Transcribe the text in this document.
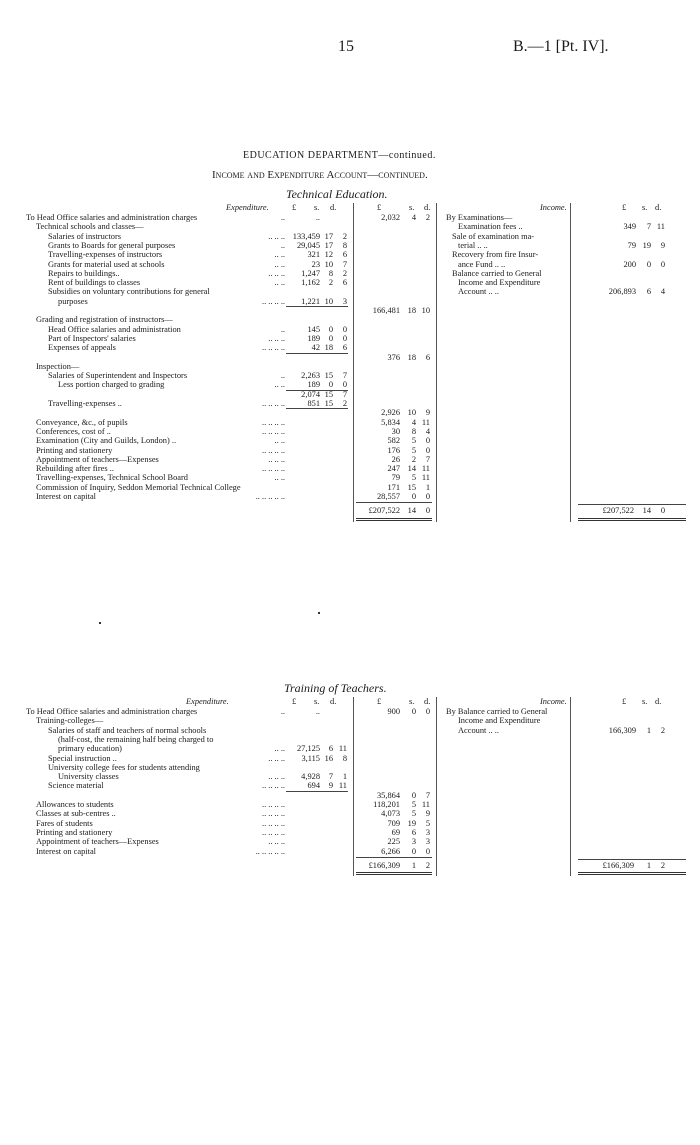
15	B.—1 [Pt. IV].
EDUCATION DEPARTMENT—continued.
Income and Expenditure Account—continued.
Technical Education.
Expenditure.	Income.
£ s. d.	£	s. d.	£ s. d.
To Head Office salaries and administration charges	..	..	2,032	4	2
Technical schools and classes—
Salaries of instructors	.. .. .. 133,459 17	2
Grants to Boards for general purposes	..	29,045 17	8
Travelling-expenses of instructors	.. ..	321 12	6
Grants for material used at schools	.. ..	23 10	7
Repairs to buildings..	.. .. ..	1,247	8	2
Rent of buildings to classes	.. ..	1,162	2	6
Subsidies on voluntary contributions for general
purposes	.. .. .. ..	1,221 10	3
166,481 18 10
Grading and registration of instructors—
Head Office salaries and administration	..	145	0	0
Part of Inspectors' salaries	.. .. ..	189	0	0
Expenses of appeals	.. .. .. ..	42 18	6
376 18	6
Inspection—
Salaries of Superintendent and Inspectors	..	2,263 15	7
Less portion charged to grading	.. ..	189	0	0
2,074 15	7
Travelling-expenses ..	.. .. .. ..	851 15	2
2,926 10	9
Conveyance, &c., of pupils	.. .. .. ..	5,834	4 11
Conferences, cost of ..	.. .. .. ..	30	8	4
Examination (City and Guilds, London) ..	.. ..	582	5	0
Printing and stationery	.. .. .. ..	176	5	0
Appointment of teachers—Expenses	.. .. ..	26	2	7
Rebuilding after fires ..	.. .. .. ..	247 14 11
Travelling-expenses, Technical School Board	.. ..	79	5 11
Commission of Inquiry, Seddon Memorial Technical College	171 15	1
Interest on capital	.. .. .. .. ..	28,557	0	0
£207,522 14	0
By Examinations—
Examination fees ..	349	7 11
Sale of examination ma-
terial .. ..	79 19	9
Recovery from fire Insur-
ance Fund .. ..	200	0	0
Balance carried to General
Income and Expenditure
Account .. ..	206,893	6	4
£207,522	14	0
Training of Teachers.
Expenditure.	Income.
£ s. d.	£	s. d.	£ s. d.
To Head Office salaries and administration charges	..	..	900	0	0
Training-colleges—
Salaries of staff and teachers of normal schools
(half-cost, the remaining half being charged to
primary education)	.. ..	27,125	6 11
Special instruction ..	.. .. ..	3,115 16	8
University college fees for students attending
University classes	.. .. ..	4,928	7	1
Science material	.. .. .. ..	694	9 11
35,864	0	7
Allowances to students	.. .. .. ..	118,201	5 11
Classes at sub-centres ..	.. .. .. ..	4,073	5	9
Fares of students	.. .. .. ..	709 19	5
Printing and stationery	.. .. .. ..	69	6	3
Appointment of teachers—Expenses	.. .. ..	225	3	3
Interest on capital	.. .. .. .. ..	6,266	0	0
£166,309	1	2
By Balance carried to General
Income and Expenditure
Account .. ..	166,309	1	2
£166,309	1	2
